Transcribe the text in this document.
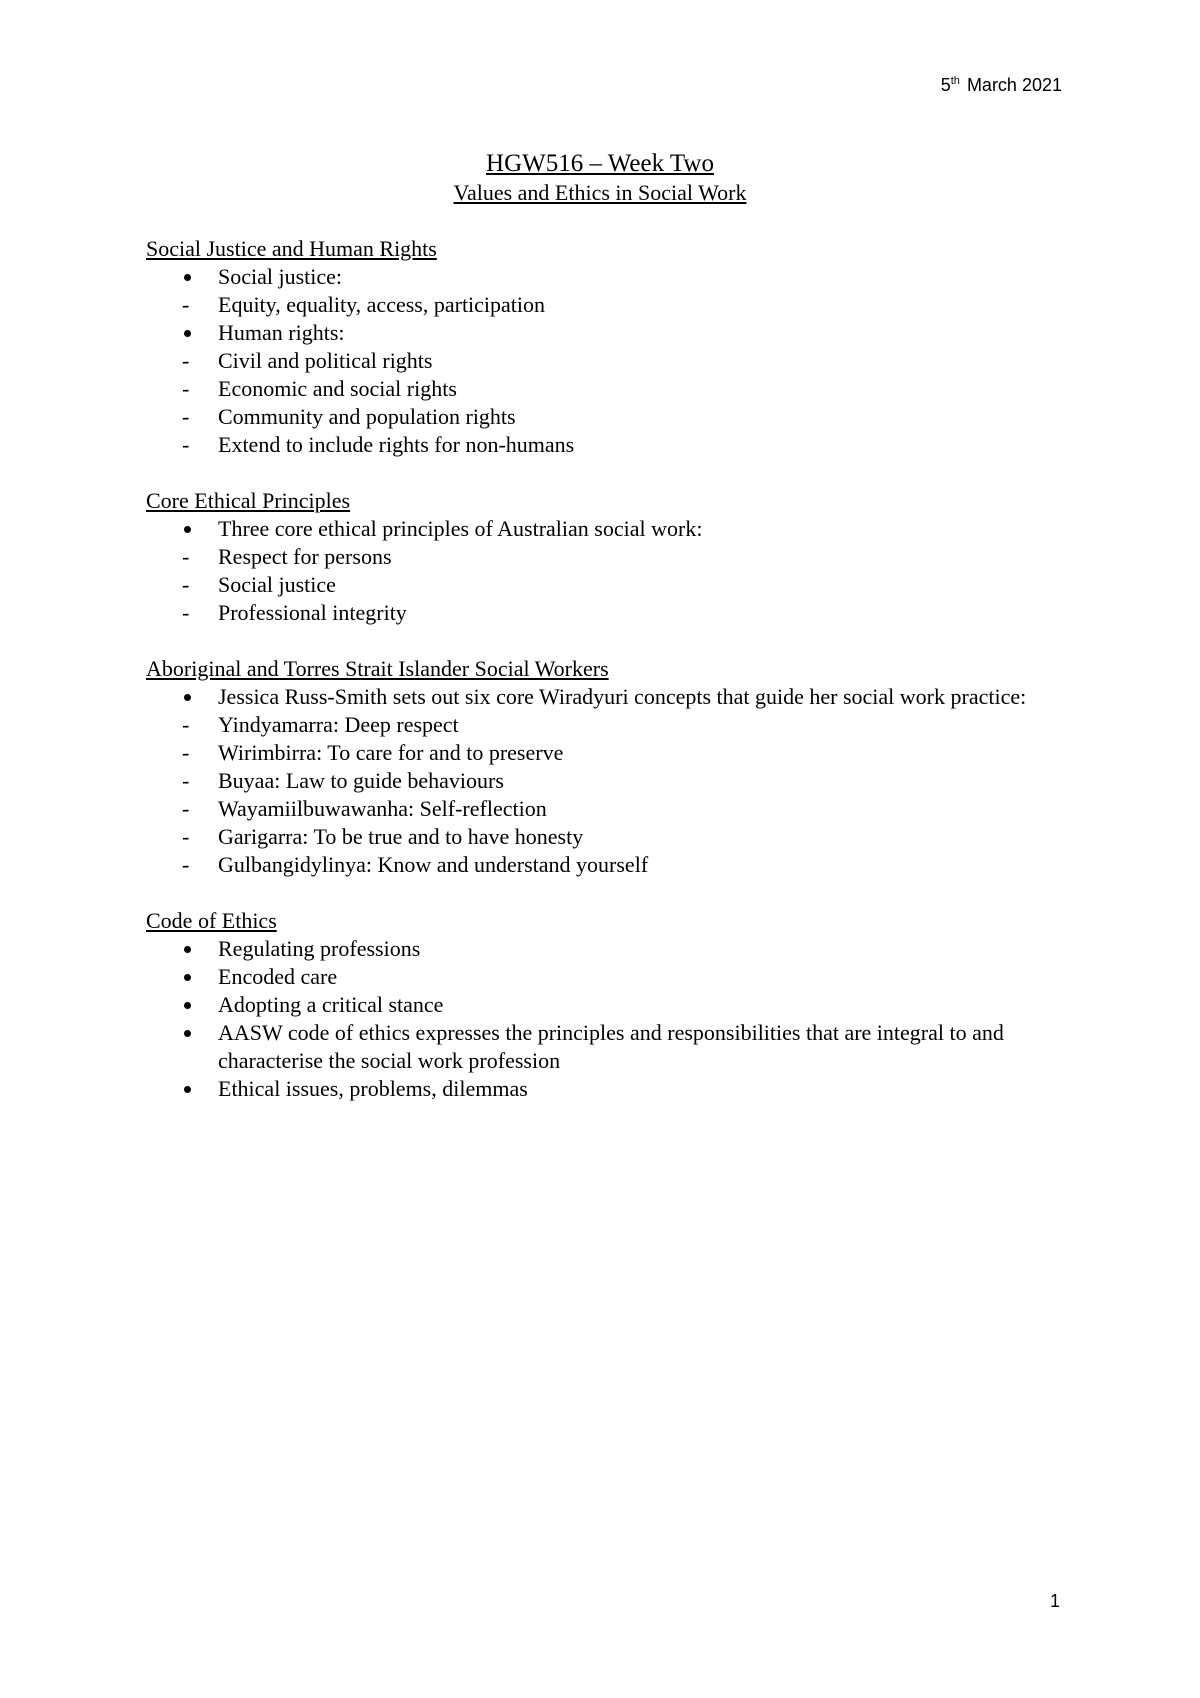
5th March 2021
HGW516 – Week Two
Values and Ethics in Social Work
Social Justice and Human Rights
Social justice:
- Equity, equality, access, participation
Human rights:
- Civil and political rights
- Economic and social rights
- Community and population rights
- Extend to include rights for non-humans
Core Ethical Principles
Three core ethical principles of Australian social work:
- Respect for persons
- Social justice
- Professional integrity
Aboriginal and Torres Strait Islander Social Workers
Jessica Russ-Smith sets out six core Wiradyuri concepts that guide her social work practice:
- Yindyamarra: Deep respect
- Wirimbirra: To care for and to preserve
- Buyaa: Law to guide behaviours
- Wayamiilbuwawanha: Self-reflection
- Garigarra: To be true and to have honesty
- Gulbangidylinya: Know and understand yourself
Code of Ethics
Regulating professions
Encoded care
Adopting a critical stance
AASW code of ethics expresses the principles and responsibilities that are integral to and characterise the social work profession
Ethical issues, problems, dilemmas
1
